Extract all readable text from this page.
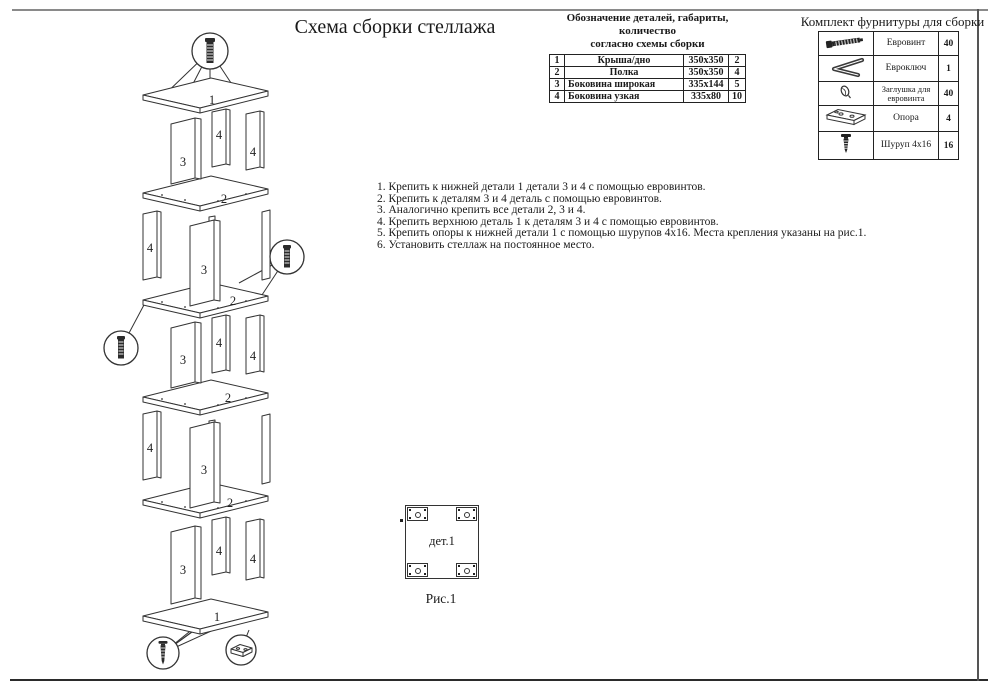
Схема сборки стеллажа
1
3
4
4
2
4
3
2
3
4
4
2
4
3
2
3
4
4
1
Обозначение деталей, габариты, количество
согласно схемы сборки
1	Крыша/дно	350x350	2
2	Полка	350x350	4
3	Боковина широкая	335x144	5
4	Боковина узкая	335x80	10
Комплект фурнитуры для сборки
	Евровинт	40
	Евроключ	1
	Заглушка для евровинта	40
	Опора	4
	Шуруп 4x16	16
1. Крепить к нижней детали 1 детали 3 и 4 с помощью евровинтов.
2. Крепить к деталям 3 и 4 деталь с помощью евровинтов.
3. Аналогично крепить все детали 2, 3 и 4.
4. Крепить верхнюю деталь 1 к деталям 3 и 4 с помощью евровинтов.
5. Крепить опоры к нижней детали 1 с помощью шурупов 4x16. Места крепления указаны на рис.1.
6. Установить стеллаж на постоянное место.
дет.1
Рис.1
